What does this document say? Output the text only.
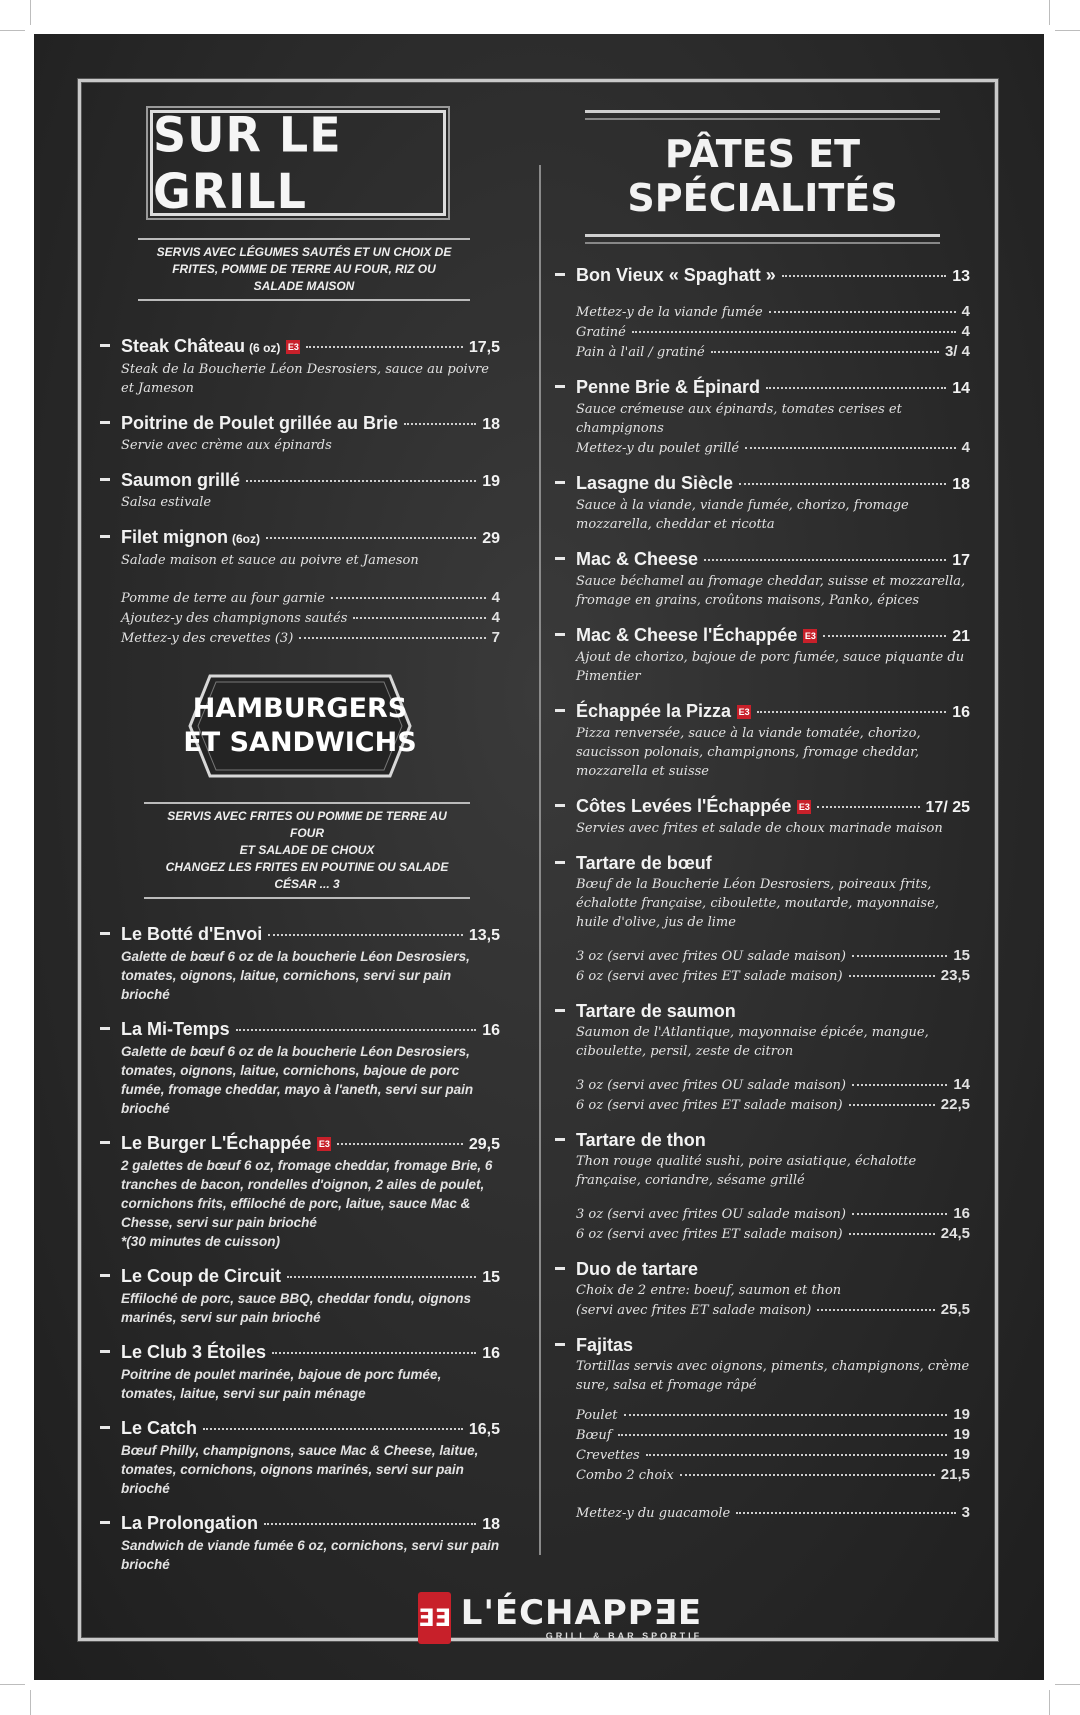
SUR LE GRILL
SERVIS AVEC LÉGUMES SAUTÉS ET UN CHOIX DE FRITES, POMME DE TERRE AU FOUR, RIZ OU SALADE MAISON
Steak Château (6 oz) E3	17,5
Steak de la Boucherie Léon Desrosiers, sauce au poivre et Jameson
Poitrine de Poulet grillée au Brie	18
Servie avec crème aux épinards
Saumon grillé	19
Salsa estivale
Filet mignon (6oz)	29
Salade maison et sauce au poivre et Jameson
Pomme de terre au four garnie	4
Ajoutez-y des champignons sautés	4
Mettez-y des crevettes (3)	7
HAMBURGERS
ET SANDWICHS
SERVIS AVEC FRITES OU POMME DE TERRE AU FOUR
ET SALADE DE CHOUX
CHANGEZ LES FRITES EN POUTINE OU SALADE CÉSAR ... 3
Le Botté d'Envoi	13,5
Galette de bœuf 6 oz de la boucherie Léon Desrosiers, tomates, oignons, laitue, cornichons, servi sur pain brioché
La Mi-Temps	16
Galette de bœuf 6 oz de la boucherie Léon Desrosiers, tomates, oignons, laitue, cornichons, bajoue de porc fumée, fromage cheddar, mayo à l'aneth, servi sur pain brioché
Le Burger L'Échappée E3	29,5
2 galettes de bœuf 6 oz, fromage cheddar, fromage Brie, 6 tranches de bacon, rondelles d'oignon, 2 ailes de poulet, cornichons frits, effiloché de porc, laitue, sauce Mac & Chesse, servi sur pain brioché
*(30 minutes de cuisson)
Le Coup de Circuit	15
Effiloché de porc, sauce BBQ, cheddar fondu, oignons marinés, servi sur pain brioché
Le Club 3 Étoiles	16
Poitrine de poulet marinée, bajoue de porc fumée, tomates, laitue, servi sur pain ménage
Le Catch	16,5
Bœuf Philly, champignons, sauce Mac & Cheese, laitue, tomates, cornichons, oignons marinés, servi sur pain brioché
La Prolongation	18
Sandwich de viande fumée 6 oz, cornichons, servi sur pain brioché
PÂTES ET SPÉCIALITÉS
Bon Vieux « Spaghatt »	13
Mettez-y de la viande fumée	4
Gratiné	4
Pain à l'ail / gratiné	3/ 4
Penne Brie & Épinard	14
Sauce crémeuse aux épinards, tomates cerises et champignons
Mettez-y du poulet grillé	4
Lasagne du Siècle	18
Sauce à la viande, viande fumée, chorizo, fromage mozzarella, cheddar et ricotta
Mac & Cheese	17
Sauce béchamel au fromage cheddar, suisse et mozzarella, fromage en grains, croûtons maisons, Panko, épices
Mac & Cheese l'Échappée E3	21
Ajout de chorizo, bajoue de porc fumée, sauce piquante du Pimentier
Échappée la Pizza E3	16
Pizza renversée, sauce à la viande tomatée, chorizo, saucisson polonais, champignons, fromage cheddar, mozzarella et suisse
Côtes Levées l'Échappée E3	17/ 25
Servies avec frites et salade de choux marinade maison
Tartare de bœuf
Bœuf de la Boucherie Léon Desrosiers, poireaux frits, échalotte française, ciboulette, moutarde, mayonnaise, huile d'olive, jus de lime
3 oz (servi avec frites OU salade maison)	15
6 oz (servi avec frites ET salade maison)	23,5
Tartare de saumon
Saumon de l'Atlantique, mayonnaise épicée, mangue, ciboulette, persil, zeste de citron
3 oz (servi avec frites OU salade maison)	14
6 oz (servi avec frites ET salade maison)	22,5
Tartare de thon
Thon rouge qualité sushi, poire asiatique, échalotte française, coriandre, sésame grillé
3 oz (servi avec frites OU salade maison)	16
6 oz (servi avec frites ET salade maison)	24,5
Duo de tartare
Choix de 2 entre: boeuf, saumon et thon
(servi avec frites ET salade maison)	25,5
Fajitas
Tortillas servis avec oignons, piments, champignons, crème sure, salsa et fromage râpé
Poulet	19
Bœuf	19
Crevettes	19
Combo 2 choix	21,5
Mettez-y du guacamole	3
ƎƎ L'ÉCHAPPƎE
GRILL & BAR SPORTIF
